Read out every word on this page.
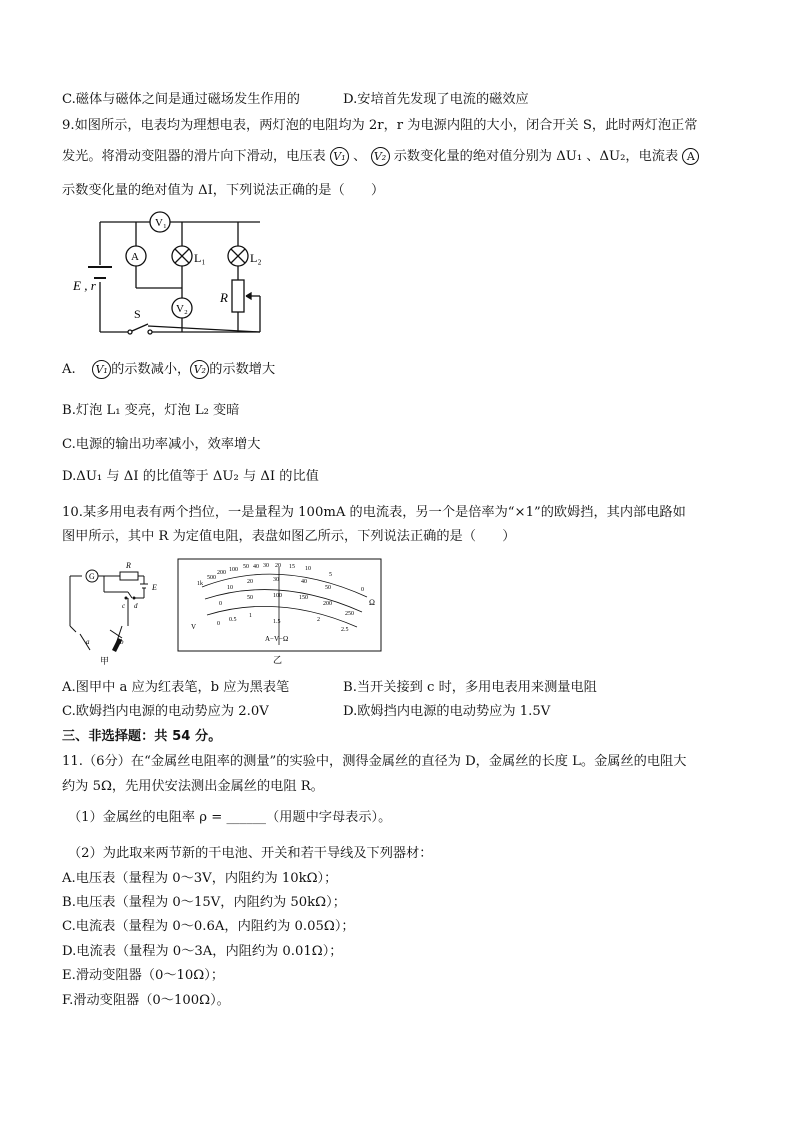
C.磁体与磁体之间是通过磁场发生作用的	D.安培首先发现了电流的磁效应
9.如图所示，电表均为理想电表，两灯泡的电阻均为 2r，r 为电源内阻的大小，闭合开关 S，此时两灯泡正常
发光。将滑动变阻器的滑片向下滑动，电压表 V₁ 、 V₂ 示数变化量的绝对值分别为 ΔU₁ 、ΔU₂，电流表 A
示数变化量的绝对值为 ΔI，下列说法正确的是（　　）
V₁
A	L₁	L₂
E , r
V₂
S
R
A. V₁ 的示数减小， V₂ 的示数增大
B.灯泡 L₁ 变亮，灯泡 L₂ 变暗
C.电源的输出功率减小，效率增大
D.ΔU₁ 与 ΔI 的比值等于 ΔU₂ 与 ΔI 的比值
10.某多用电表有两个挡位，一是量程为 100mA 的电流表，另一个是倍率为“×1”的欧姆挡，其内部电路如
图甲所示，其中 R 为定值电阻，表盘如图乙所示，下列说法正确的是（　　）
G
R
E
c d
a	b
甲
1k
500
200 100 50 40 30 20 15 10
5
0
10
20	30	40
50
0
50	100	150
200
250
0
0.5
1
1.5	2
2.5
Ω
V
A−V−Ω
乙
A.图甲中 a 应为红表笔，b 应为黑表笔	B.当开关接到 c 时，多用电表用来测量电阻
C.欧姆挡内电源的电动势应为 2.0V	D.欧姆挡内电源的电动势应为 1.5V
三、非选择题：共 54 分。
11.（6分）在“金属丝电阻率的测量”的实验中，测得金属丝的直径为 D，金属丝的长度 L。金属丝的电阻大
约为 5Ω，先用伏安法测出金属丝的电阻 R。
（1）金属丝的电阻率 ρ = ______（用题中字母表示）。
（2）为此取来两节新的干电池、开关和若干导线及下列器材：
A.电压表（量程为 0～3V，内阻约为 10kΩ）；
B.电压表（量程为 0～15V，内阻约为 50kΩ）；
C.电流表（量程为 0～0.6A，内阻约为 0.05Ω）；
D.电流表（量程为 0～3A，内阻约为 0.01Ω）；
E.滑动变阻器（0～10Ω）；
F.滑动变阻器（0～100Ω）。
